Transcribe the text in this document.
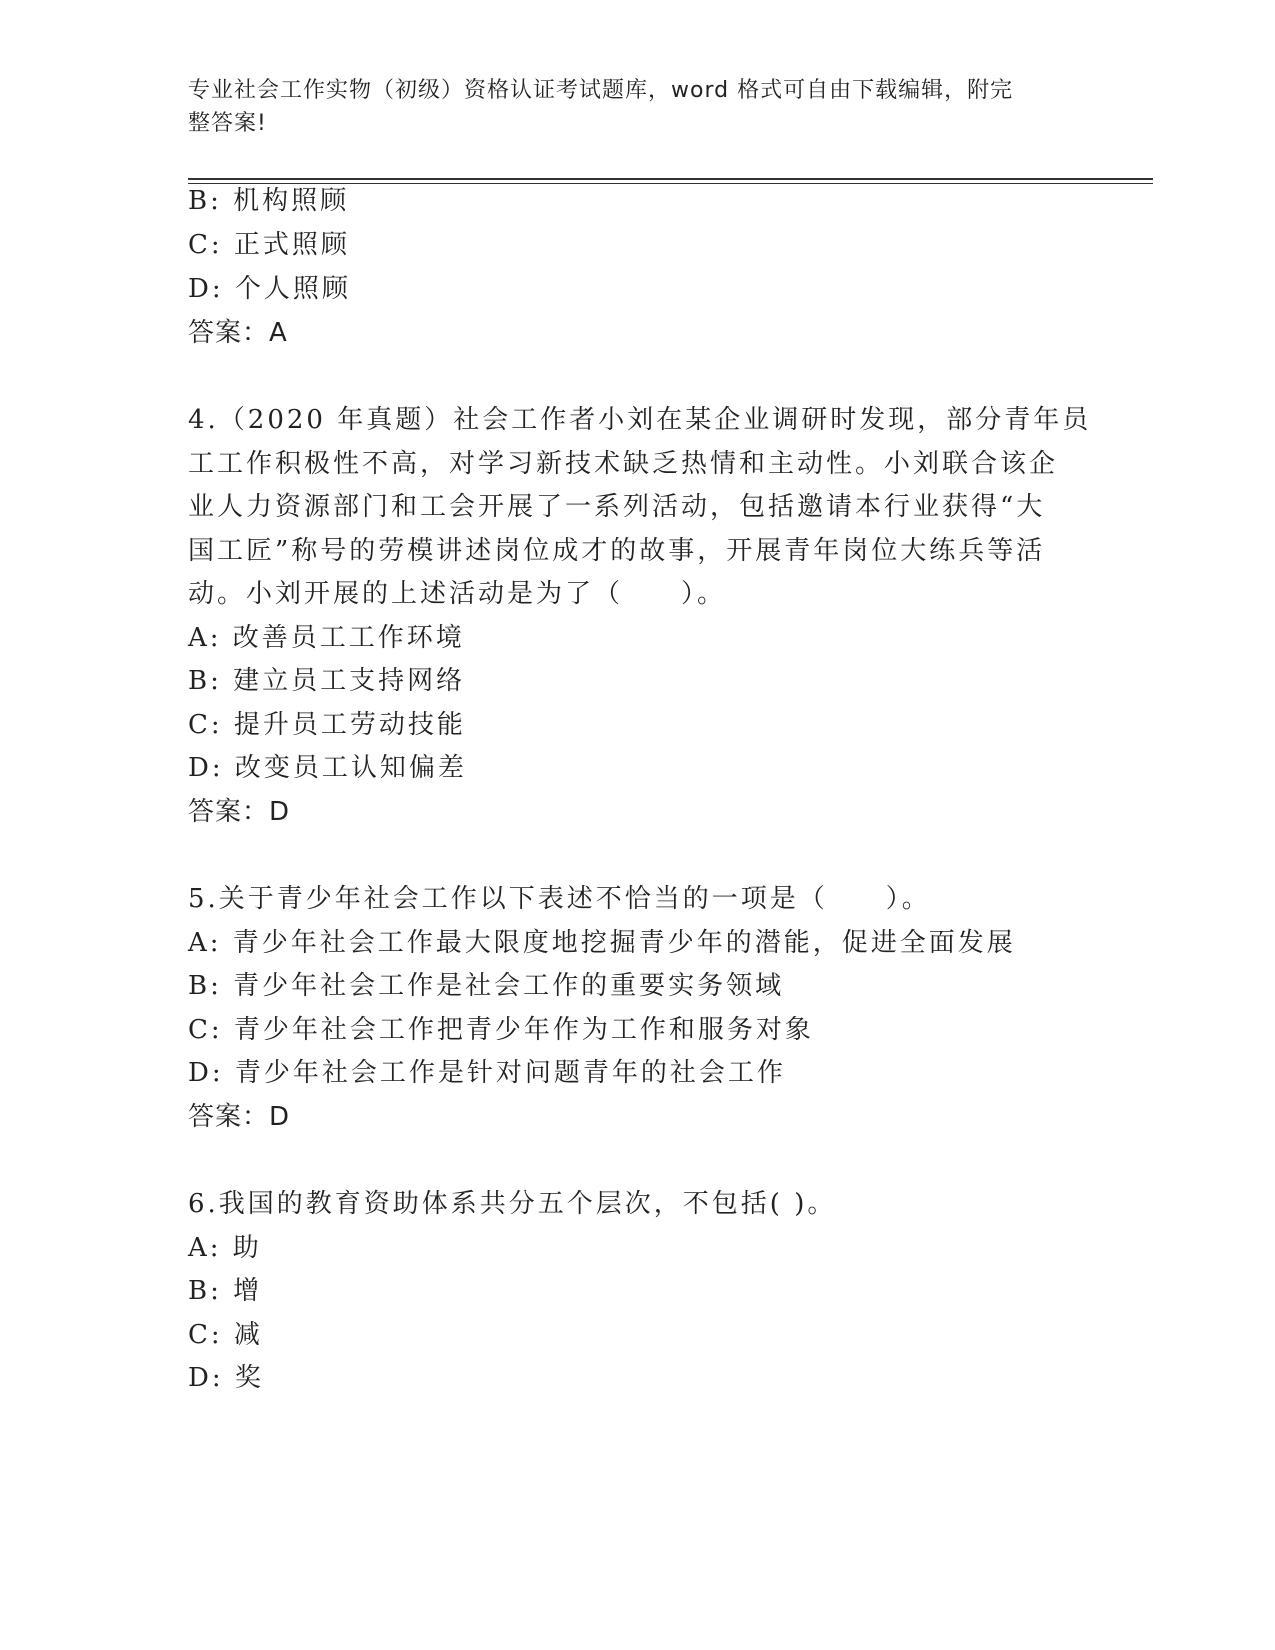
专业社会工作实物（初级）资格认证考试题库，word 格式可自由下载编辑，附完
整答案!
B: 机构照顾
C: 正式照顾
D: 个人照顾
答案：A
4.（2020 年真题）社会工作者小刘在某企业调研时发现，部分青年员
工工作积极性不高，对学习新技术缺乏热情和主动性。小刘联合该企
业人力资源部门和工会开展了一系列活动，包括邀请本行业获得“大
国工匠”称号的劳模讲述岗位成才的故事，开展青年岗位大练兵等活
动。小刘开展的上述活动是为了（　　）。
A: 改善员工工作环境
B: 建立员工支持网络
C: 提升员工劳动技能
D: 改变员工认知偏差
答案：D
5.关于青少年社会工作以下表述不恰当的一项是（　　）。
A: 青少年社会工作最大限度地挖掘青少年的潜能，促进全面发展
B: 青少年社会工作是社会工作的重要实务领域
C: 青少年社会工作把青少年作为工作和服务对象
D: 青少年社会工作是针对问题青年的社会工作
答案：D
6.我国的教育资助体系共分五个层次，不包括( )。
A: 助
B: 增
C: 减
D: 奖
